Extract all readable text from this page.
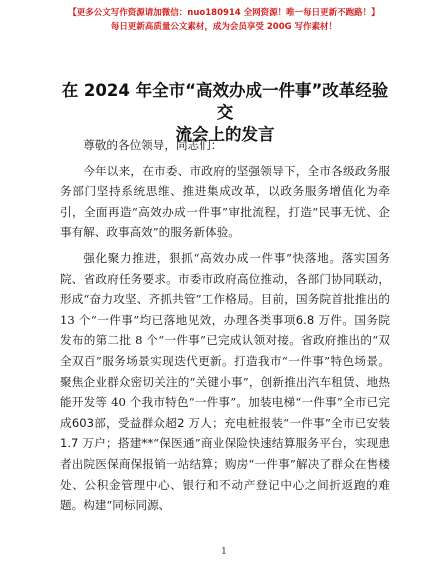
【更多公文写作资源请加微信：nuo180914 全网资源！唯一每日更新不跑路！】
每日更新高质量公文素材，成为会员享受 200G 写作素材！
在 2024 年全市“高效办成一件事”改革经验交
流会上的发言

尊敬的各位领导，同志们：

今年以来，在市委、市政府的坚强领导下，全市各级政务服务部门坚持系统思维、推进集成改革，以政务服务增值化为牵引，全面再造“高效办成一件事”审批流程，打造“民事无忧、企事有解、政事高效”的服务新体验。

强化聚力推进，狠抓“高效办成一件事”快落地。落实国务院、省政府任务要求。市委市政府高位推动，各部门协同联动，形成“奋力攻坚、齐抓共管”工作格局。目前，国务院首批推出的 13 个“一件事”均已落地见效，办理各类事项6.8 万件。国务院发布的第二批 8 个“一件事”已完成认领对接。省政府推出的“双全双百”服务场景实现迭代更新。打造我市“一件事”特色场景。聚焦企业群众密切关注的“关键小事”，创新推出汽车租赁、地热能开发等 40 个我市特色“一件事”。加装电梯“一件事”全市已完成603部，受益群众超2 万人；充电桩报装“一件事”全市已安装1.7 万户；搭建**“保医通”商业保险快速结算服务平台，实现患者出院医保商保报销一站结算；购房“一件事”解决了群众在售楼处、公积金管理中心、银行和不动产登记中心之间折返跑的难题。构建“同标同源、

1
